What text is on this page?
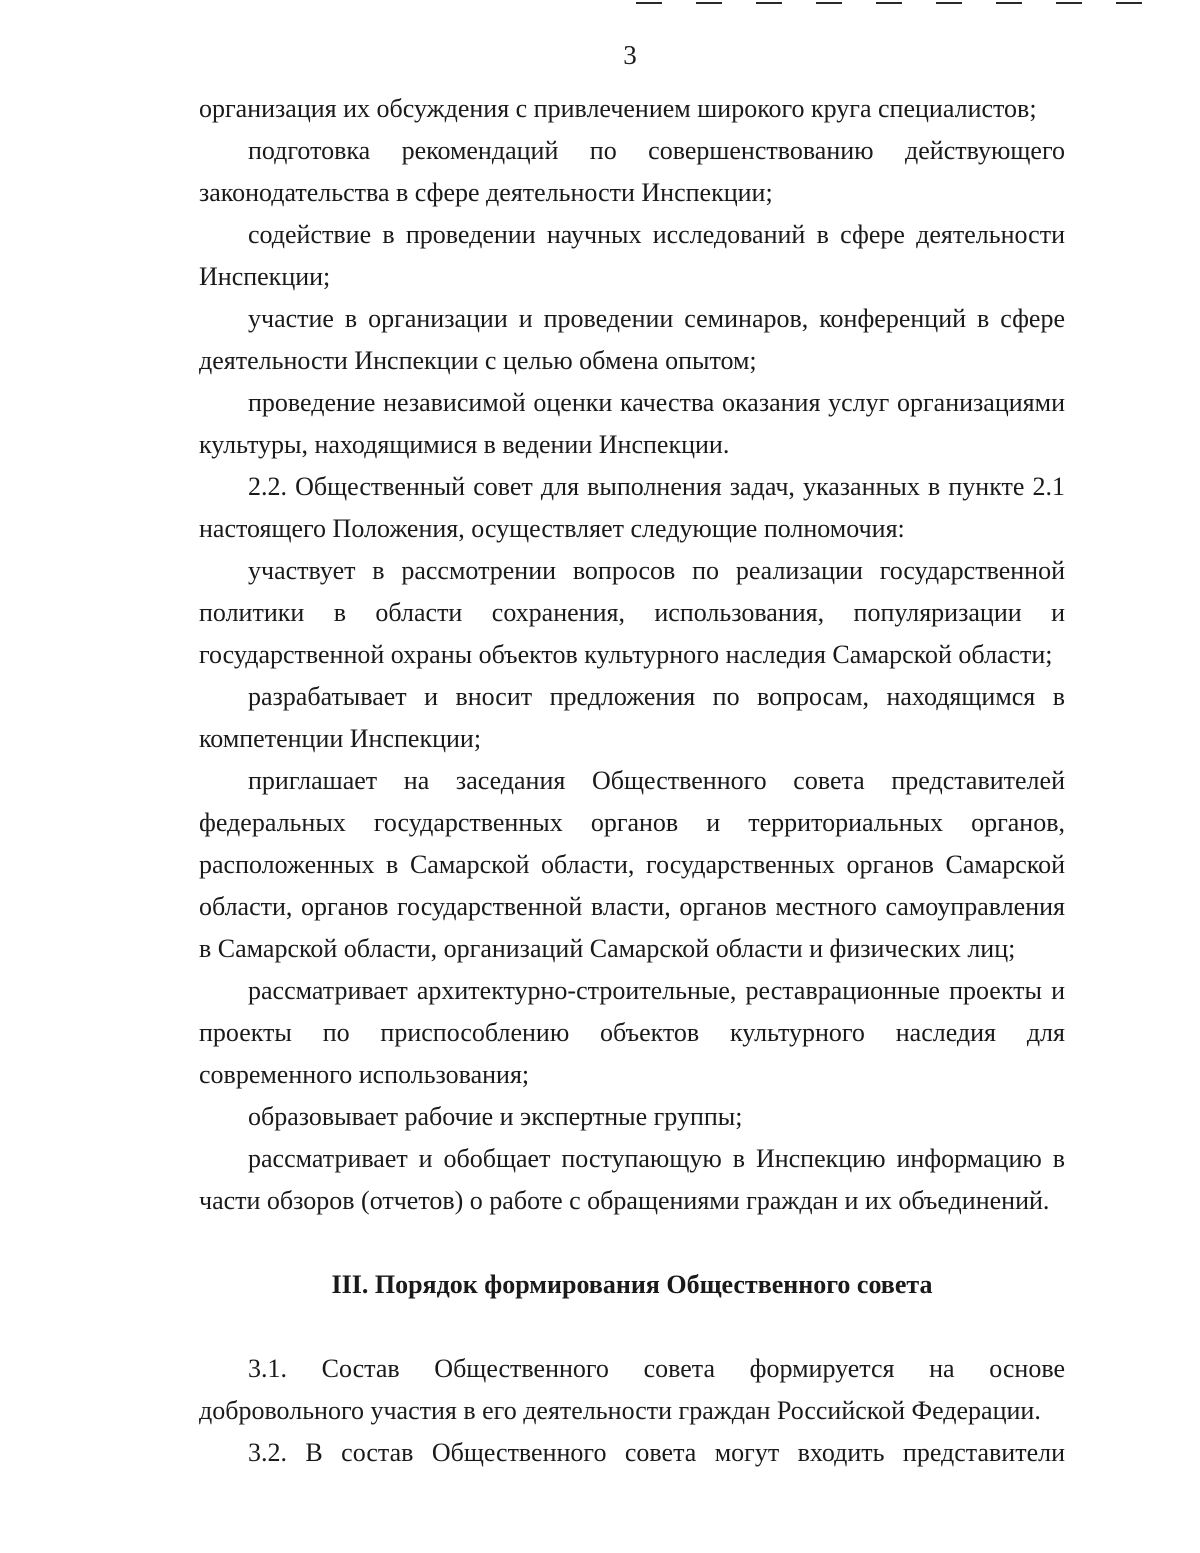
3

организация их обсуждения с привлечением широкого круга специалистов;

подготовка рекомендаций по совершенствованию действующего законодательства в сфере деятельности Инспекции;

содействие в проведении научных исследований в сфере деятельности Инспекции;

участие в организации и проведении семинаров, конференций в сфере деятельности Инспекции с целью обмена опытом;

проведение независимой оценки качества оказания услуг организациями культуры, находящимися в ведении Инспекции.

2.2. Общественный совет для выполнения задач, указанных в пункте 2.1 настоящего Положения, осуществляет следующие полномочия:

участвует в рассмотрении вопросов по реализации государственной политики в области сохранения, использования, популяризации и государственной охраны объектов культурного наследия Самарской области;

разрабатывает и вносит предложения по вопросам, находящимся в компетенции Инспекции;

приглашает на заседания Общественного совета представителей федеральных государственных органов и территориальных органов, расположенных в Самарской области, государственных органов Самарской области, органов государственной власти, органов местного самоуправления в Самарской области, организаций Самарской области и физических лиц;

рассматривает архитектурно-строительные, реставрационные проекты и проекты по приспособлению объектов культурного наследия для современного использования;

образовывает рабочие и экспертные группы;

рассматривает и обобщает поступающую в Инспекцию информацию в части обзоров (отчетов) о работе с обращениями граждан и их объединений.

III. Порядок формирования Общественного совета

3.1. Состав Общественного совета формируется на основе добровольного участия в его деятельности граждан Российской Федерации.

3.2. В состав Общественного совета могут входить представители
